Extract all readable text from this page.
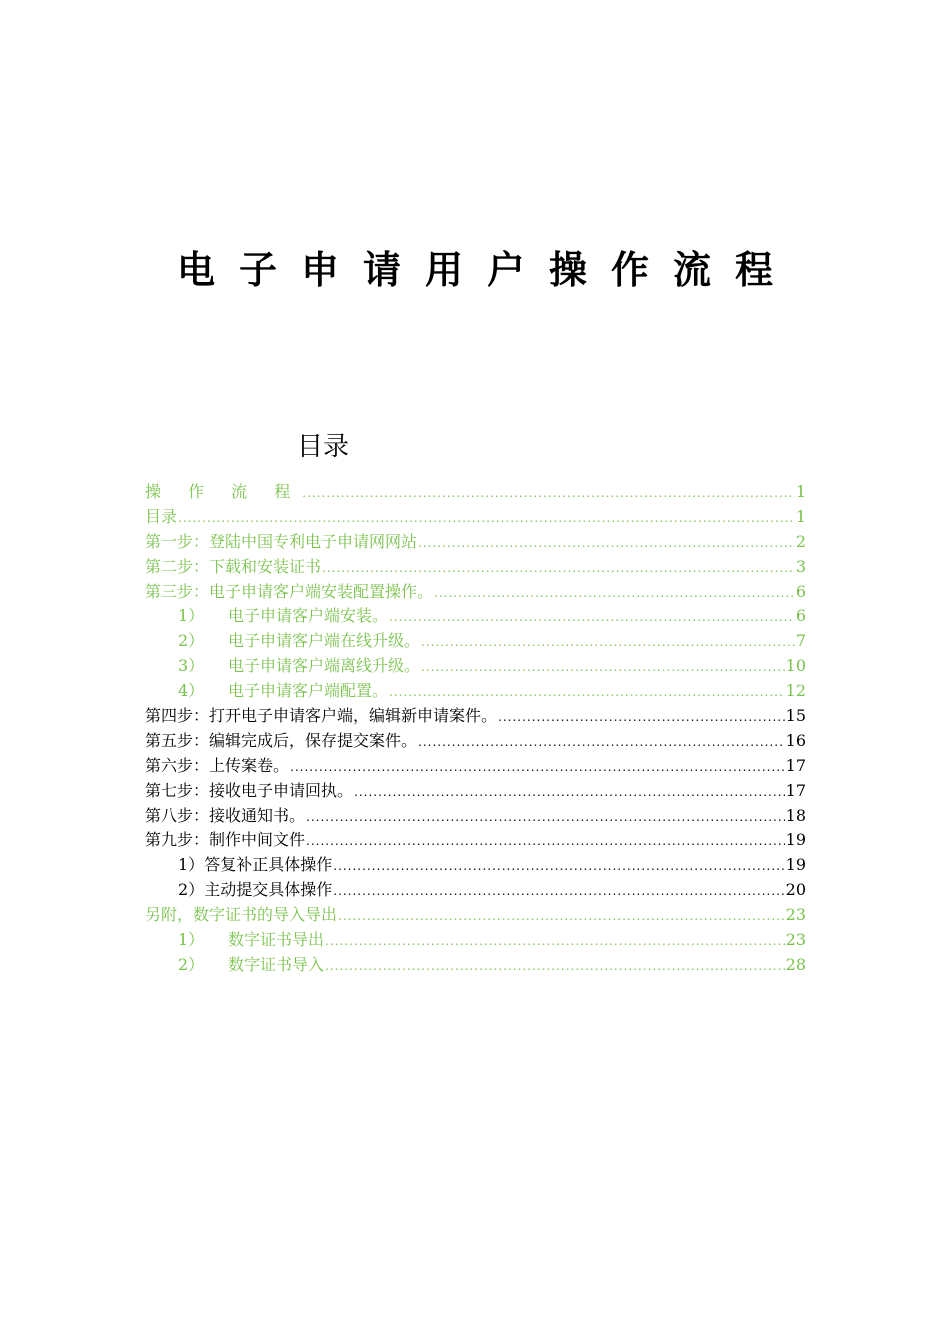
电子申请用户操作流程
目录
操 作 流 程 .....	1
目录 .....	1
第一步：登陆中国专利电子申请网网站 .....	2
第二步：下载和安装证书 .....	3
第三步：电子申请客户端安装配置操作。 .....	6
1）	电子申请客户端安装。 .....	6
2）	电子申请客户端在线升级。 .....	7
3）	电子申请客户端离线升级。 .....	10
4）	电子申请客户端配置。 .....	12
第四步：打开电子申请客户端，编辑新申请案件。 .....	15
第五步：编辑完成后，保存提交案件。 .....	16
第六步：上传案卷。 .....	17
第七步：接收电子申请回执。 .....	17
第八步：接收通知书。 .....	18
第九步：制作中间文件 .....	19
1） 答复补正具体操作 .....	19
2） 主动提交具体操作 .....	20
另附，数字证书的导入导出 .....	23
1）	数字证书导出 .....	23
2）	数字证书导入 .....	28
